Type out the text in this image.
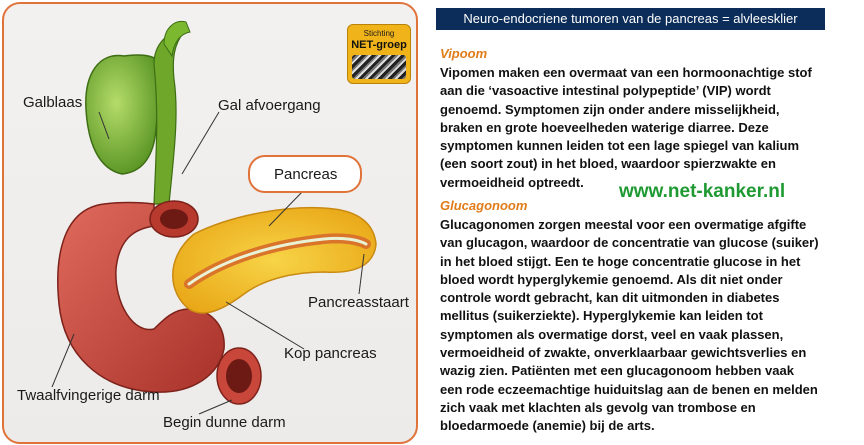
Galblaas	Gal afvoergang
Pancreas
Pancreasstaart
Kop pancreas
Twaalfvingerige darm
Begin dunne darm
Stichting
NET-groep
Neuro-endocriene tumoren van de pancreas = alvleesklier
Vipoom
Vipomen maken een overmaat van een hormoonachtige stof
aan die ‘vasoactive intestinal polypeptide’ (VIP) wordt
genoemd. Symptomen zijn onder andere misselijkheid,
braken en grote hoeveelheden waterige diarree. Deze
symptomen kunnen leiden tot een lage spiegel van kalium
(een soort zout) in het bloed, waardoor spierzwakte en
vermoeidheid optreedt.	www.net-kanker.nl
Glucagonoom
Glucagonomen zorgen meestal voor een overmatige afgifte
van glucagon, waardoor de concentratie van glucose (suiker)
in het bloed stijgt. Een te hoge concentratie glucose in het
bloed wordt hyperglykemie genoemd. Als dit niet onder
controle wordt gebracht, kan dit uitmonden in diabetes
mellitus (suikerziekte). Hyperglykemie kan leiden tot
symptomen als overmatige dorst, veel en vaak plassen,
vermoeidheid of zwakte, onverklaarbaar gewichtsverlies en
wazig zien. Patiënten met een glucagonoom hebben vaak
een rode eczeemachtige huiduitslag aan de benen en melden
zich vaak met klachten als gevolg van trombose en
bloedarmoede (anemie) bij de arts.
